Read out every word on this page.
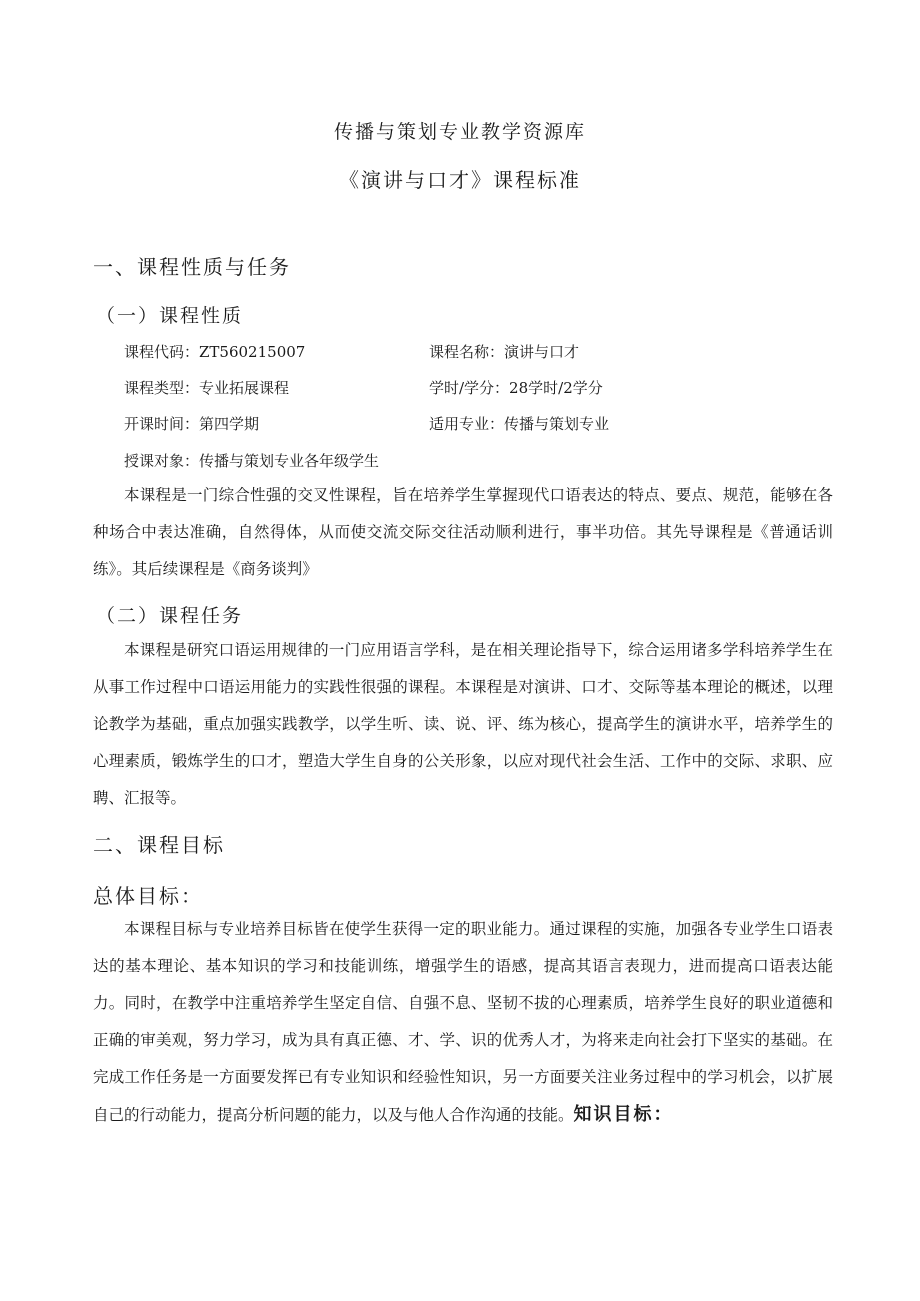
传播与策划专业教学资源库
《演讲与口才》课程标准
一、课程性质与任务
（一）课程性质
课程代码：ZT560215007	课程名称：演讲与口才
课程类型：专业拓展课程	学时/学分：28学时/2学分
开课时间：第四学期	适用专业：传播与策划专业
授课对象：传播与策划专业各年级学生
本课程是一门综合性强的交叉性课程，旨在培养学生掌握现代口语表达的特点、要点、规范，能够在各种场合中表达准确，自然得体，从而使交流交际交往活动顺利进行，事半功倍。其先导课程是《普通话训练》。其后续课程是《商务谈判》
（二）课程任务
本课程是研究口语运用规律的一门应用语言学科，是在相关理论指导下，综合运用诸多学科培养学生在从事工作过程中口语运用能力的实践性很强的课程。本课程是对演讲、口才、交际等基本理论的概述，以理论教学为基础，重点加强实践教学，以学生听、读、说、评、练为核心，提高学生的演讲水平，培养学生的心理素质，锻炼学生的口才，塑造大学生自身的公关形象，以应对现代社会生活、工作中的交际、求职、应聘、汇报等。
二、课程目标
总体目标：
本课程目标与专业培养目标皆在使学生获得一定的职业能力。通过课程的实施，加强各专业学生口语表达的基本理论、基本知识的学习和技能训练，增强学生的语感，提高其语言表现力，进而提高口语表达能力。同时，在教学中注重培养学生坚定自信、自强不息、坚韧不拔的心理素质，培养学生良好的职业道德和正确的审美观，努力学习，成为具有真正德、才、学、识的优秀人才，为将来走向社会打下坚实的基础。在完成工作任务是一方面要发挥已有专业知识和经验性知识，另一方面要关注业务过程中的学习机会，以扩展自己的行动能力，提高分析问题的能力，以及与他人合作沟通的技能。知识目标：
